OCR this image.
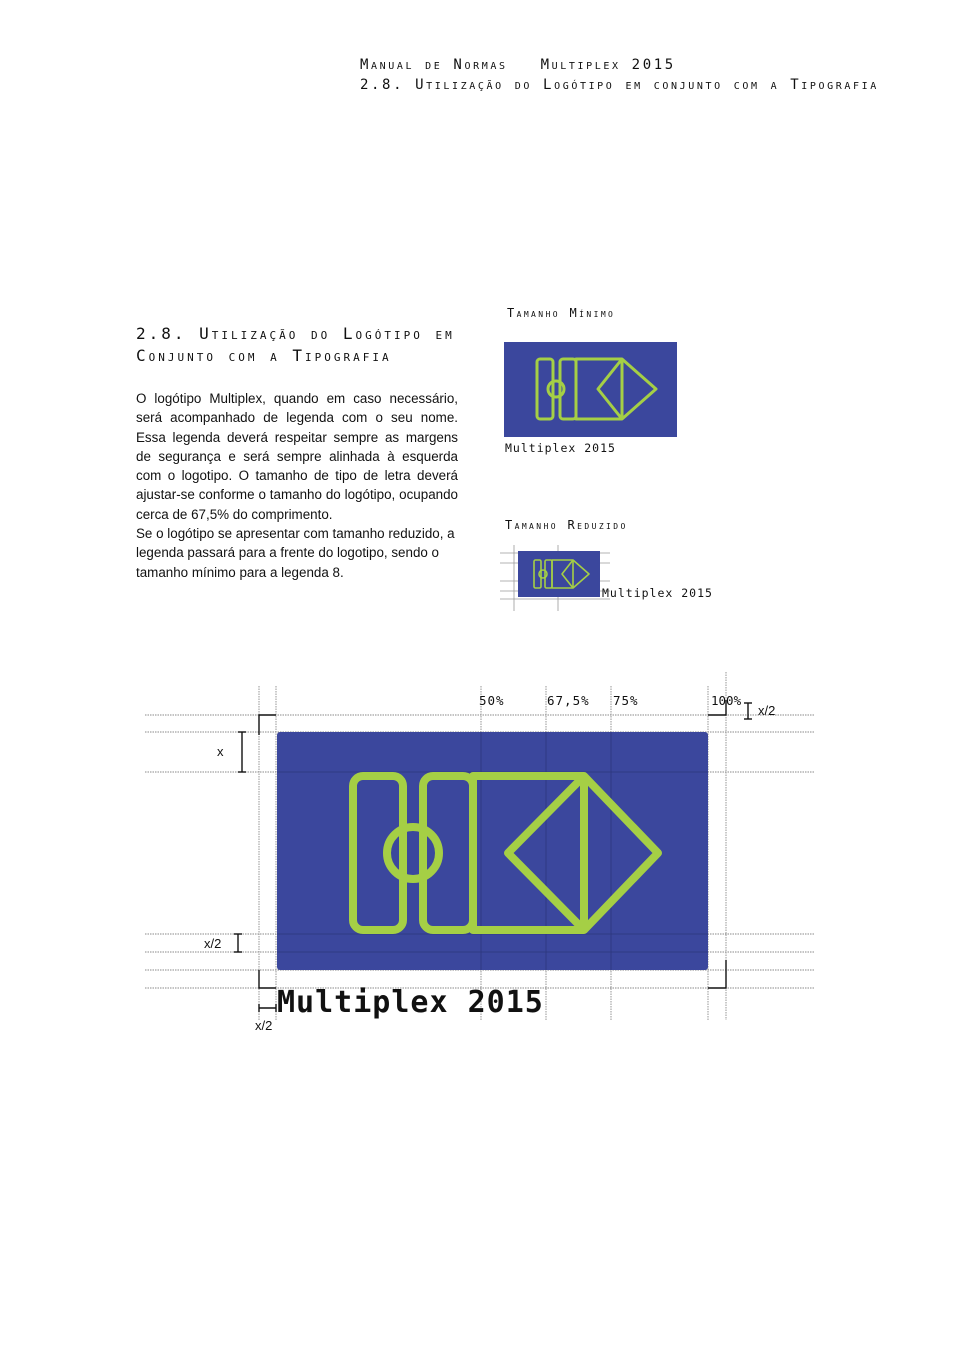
Manual de Normas   Multiplex 2015
2.8. Utilização do Logótipo em conjunto com a Tipografia
2.8. Utilização do Logótipo em
Conjunto com a Tipografia

O logótipo Multiplex, quando em caso necessário, será acompanhado de legenda com o seu nome. Essa legenda deverá respeitar sempre as margens de segurança e será sempre alinhada à esquerda com o logotipo. O tamanho de tipo de letra deverá ajustar-se conforme o tamanho do logótipo, ocupando cerca de 67,5% do comprimento.

Se o logótipo se apresentar com tamanho reduzido, a legenda passará para a frente do logotipo, sendo o tamanho mínimo para a legenda 8.

Tamanho Mínimo
Multiplex 2015
Tamanho Reduzido
Multiplex 2015
50%	67,5% 75%	100%
x
x/2
x/2
x/2
Multiplex 2015
